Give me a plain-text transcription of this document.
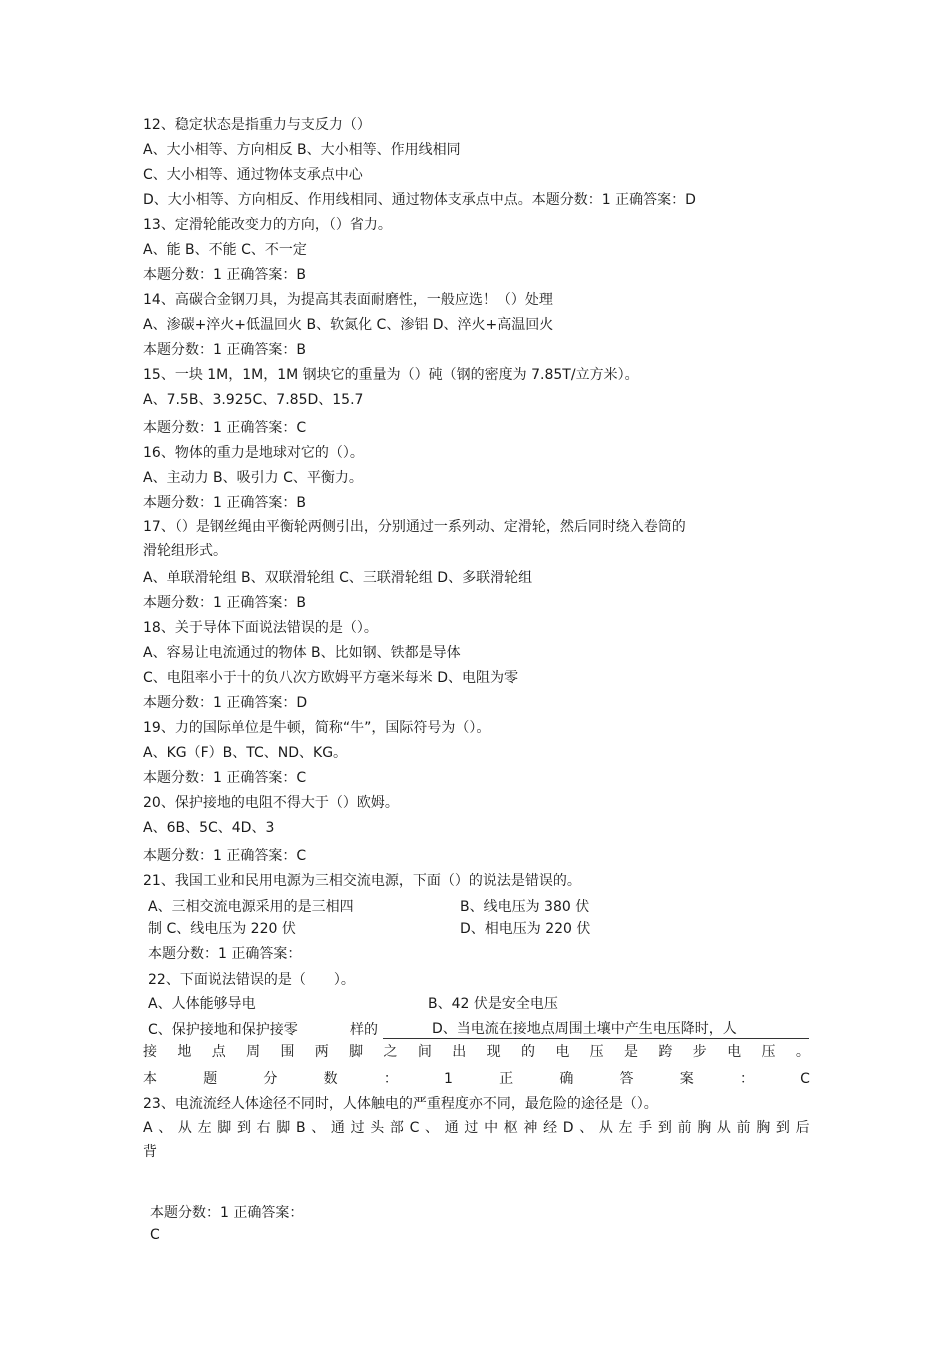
12、稳定状态是指重力与支反力（）
A、大小相等、方向相反 B、大小相等、作用线相同
C、大小相等、通过物体支承点中心
D、大小相等、方向相反、作用线相同、通过物体支承点中点。本题分数：1 正确答案：D
13、定滑轮能改变力的方向，（）省力。
A、能 B、不能 C、不一定
本题分数：1 正确答案：B
14、高碳合金钢刀具，为提高其表面耐磨性，一般应选！（）处理
A、渗碳+淬火+低温回火 B、软氮化 C、渗铝 D、淬火+高温回火
本题分数：1 正确答案：B
15、一块 1M，1M，1M 钢块它的重量为（）砘（钢的密度为 7.85T/立方米）。
A、7.5B、3.925C、7.85D、15.7
本题分数：1 正确答案：C
16、物体的重力是地球对它的（）。
A、主动力 B、吸引力 C、平衡力。
本题分数：1 正确答案：B
17、（）是钢丝绳由平衡轮两侧引出，分别通过一系列动、定滑轮，然后同时绕入卷筒的
滑轮组形式。
A、单联滑轮组 B、双联滑轮组 C、三联滑轮组 D、多联滑轮组
本题分数：1 正确答案：B
18、关于导体下面说法错误的是（）。
A、容易让电流通过的物体 B、比如钢、铁都是导体
C、电阻率小于十的负八次方欧姆平方毫米每米 D、电阻为零
本题分数：1 正确答案：D
19、力的国际单位是牛顿，简称“牛”，国际符号为（）。
A、KG（F）B、TC、ND、KG。
本题分数：1 正确答案：C
20、保护接地的电阻不得大于（）欧姆。
A、6B、5C、4D、3
本题分数：1 正确答案：C
21、我国工业和民用电源为三相交流电源，下面（）的说法是错误的。
A、三相交流电源采用的是三相四	B、线电压为 380 伏
制 C、线电压为 220 伏	D、相电压为 220 伏
本题分数：1 正确答案：
22、下面说法错误的是（　　）。
A、人体能够导电	B、42 伏是安全电压
C、保护接地和保护接零	样的	D、当电流在接地点周围土壤中产生电压降时，人
接 地 点 周 围 两 脚 之 间 出 现 的 电 压 是 跨 步 电 压 。
本	题	分	数	：	1	正	确	答	案	：	C
23、电流流经人体途径不同时，人体触电的严重程度亦不同，最危险的途径是（）。
A 、 从 左 脚 到 右 脚 B 、 通 过 头 部 C 、 通 过 中 枢 神 经 D 、 从 左 手 到 前 胸 从 前 胸 到 后
背
本题分数：1 正确答案：
C
